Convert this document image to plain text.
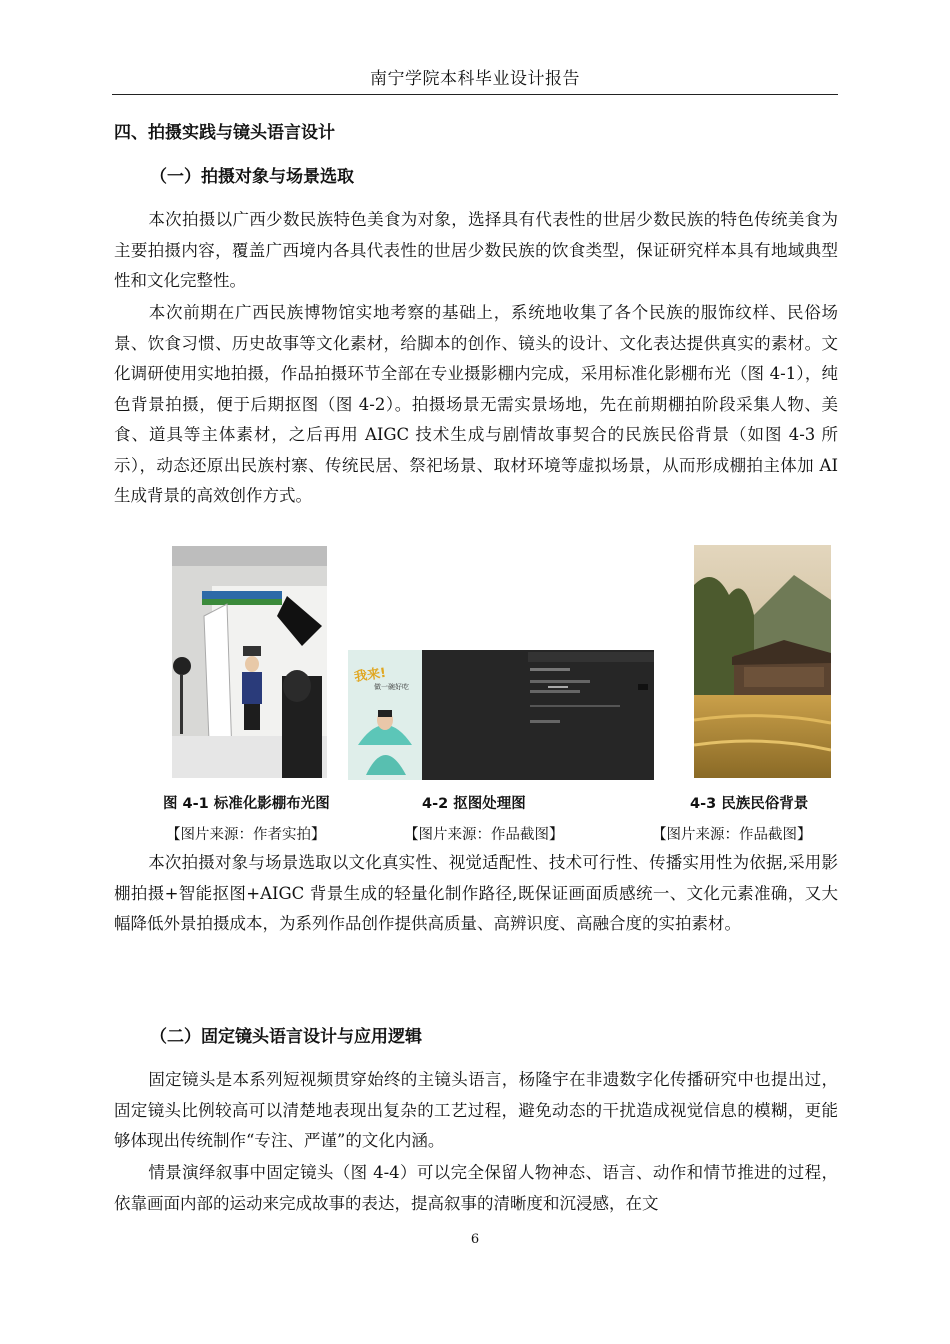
南宁学院本科毕业设计报告
四、拍摄实践与镜头语言设计
（一）拍摄对象与场景选取

本次拍摄以广西少数民族特色美食为对象，选择具有代表性的世居少数民族的特色传统美食为主要拍摄内容，覆盖广西境内各具代表性的世居少数民族的饮食类型，保证研究样本具有地域典型性和文化完整性。

本次前期在广西民族博物馆实地考察的基础上，系统地收集了各个民族的服饰纹样、民俗场景、饮食习惯、历史故事等文化素材，给脚本的创作、镜头的设计、文化表达提供真实的素材。文化调研使用实地拍摄，作品拍摄环节全部在专业摄影棚内完成，采用标准化影棚布光（图 4-1），纯色背景拍摄，便于后期抠图（图 4-2）。拍摄场景无需实景场地，先在前期棚拍阶段采集人物、美食、道具等主体素材，之后再用 AIGC 技术生成与剧情故事契合的民族民俗背景（如图 4-3 所示），动态还原出民族村寨、传统民居、祭祀场景、取材环境等虚拟场景，从而形成棚拍主体加 AI 生成背景的高效创作方式。

我来!
做一碗好吃
图 4-1 标准化影棚布光图	4-2 抠图处理图	4-3 民族民俗背景
【图片来源：作者实拍】	【图片来源：作品截图】	【图片来源：作品截图】

本次拍摄对象与场景选取以文化真实性、视觉适配性、技术可行性、传播实用性为依据,采用影棚拍摄+智能抠图+AIGC 背景生成的轻量化制作路径,既保证画面质感统一、文化元素准确，又大幅降低外景拍摄成本，为系列作品创作提供高质量、高辨识度、高融合度的实拍素材。

（二）固定镜头语言设计与应用逻辑

固定镜头是本系列短视频贯穿始终的主镜头语言，杨隆宇在非遗数字化传播研究中也提出过，固定镜头比例较高可以清楚地表现出复杂的工艺过程，避免动态的干扰造成视觉信息的模糊，更能够体现出传统制作“专注、严谨”的文化内涵。

情景演绎叙事中固定镜头（图 4-4）可以完全保留人物神态、语言、动作和情节推进的过程，依靠画面内部的运动来完成故事的表达，提高叙事的清晰度和沉浸感，在文

6
